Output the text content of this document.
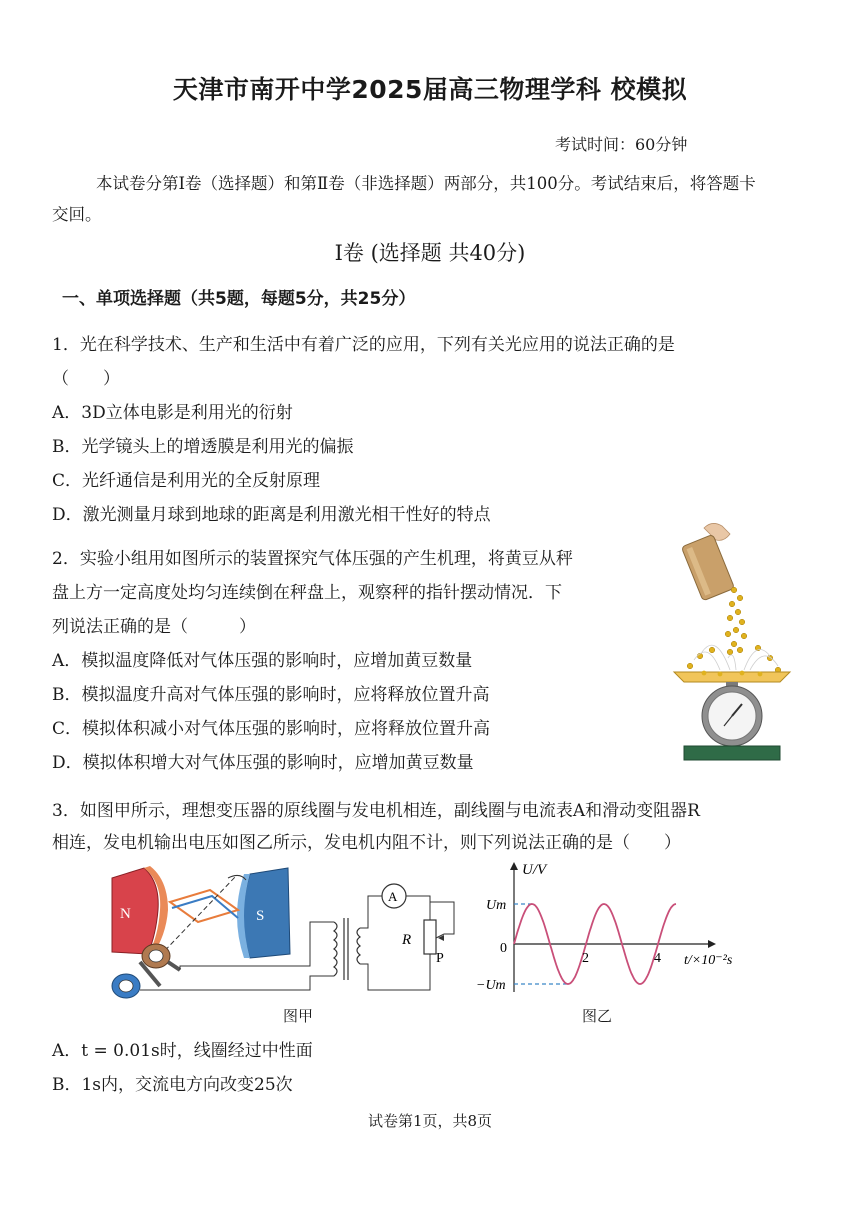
天津市南开中学2025届高三物理学科 校模拟
考试时间：60分钟
本试卷分第Ⅰ卷（选择题）和第Ⅱ卷（非选择题）两部分，共100分。考试结束后，将答题卡
交回。
Ⅰ卷 (选择题 共40分)
一、单项选择题（共5题，每题5分，共25分）
1．光在科学技术、生产和生活中有着广泛的应用，下列有关光应用的说法正确的是
（　　）
A．3D立体电影是利用光的衍射
B．光学镜头上的增透膜是利用光的偏振
C．光纤通信是利用光的全反射原理
D．激光测量月球到地球的距离是利用激光相干性好的特点
2．实验小组用如图所示的装置探究气体压强的产生机理，将黄豆从秤
盘上方一定高度处均匀连续倒在秤盘上，观察秤的指针摆动情况．下
列说法正确的是（　　　）
A．模拟温度降低对气体压强的影响时，应增加黄豆数量
B．模拟温度升高对气体压强的影响时，应将释放位置升高
C．模拟体积减小对气体压强的影响时，应将释放位置升高
D．模拟体积增大对气体压强的影响时，应增加黄豆数量
3．如图甲所示，理想变压器的原线圈与发电机相连，副线圈与电流表A和滑动变阻器R
相连，发电机输出电压如图乙所示，发电机内阻不计，则下列说法正确的是（　　）
N	S
A
R
P
图甲
U/V
t/×10⁻²s
0
2	4
Um
−Um
图乙
A．t = 0.01s时，线圈经过中性面
B．1s内，交流电方向改变25次
试卷第1页，共8页
